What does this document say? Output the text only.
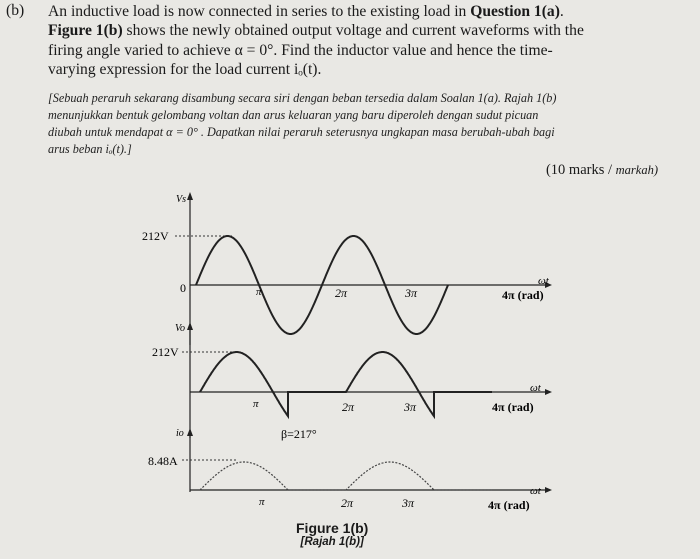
(b) An inductive load is now connected in series to the existing load in Question 1(a).
Figure 1(b) shows the newly obtained output voltage and current waveforms with the
firing angle varied to achieve α = 0°. Find the inductor value and hence the time-
varying expression for the load current iₒ(t).
[Sebuah perаruh sekarang disambung secara siri dengan beban tersedia dalam Soalan 1(a). Rajah 1(b)
menunjukkan bentuk gelombang voltan dan arus keluaran yang baru diperoleh dengan sudut picuan
diubah untuk mendapat α = 0° . Dapatkan nilai peraruh seterusnya ungkapan masa berubah-ubah bagi
arus beban iₒ(t).]
(10 marks / markah)
Vs
212V
0	π	2π	3π	4π (rad)
ωt
Vo
212V
π	2π	3π	4π (rad)
ωt
β=217°
io
8.48A
π	2π	3π	4π (rad)
ωt
Figure 1(b)
[Rajah 1(b)]
